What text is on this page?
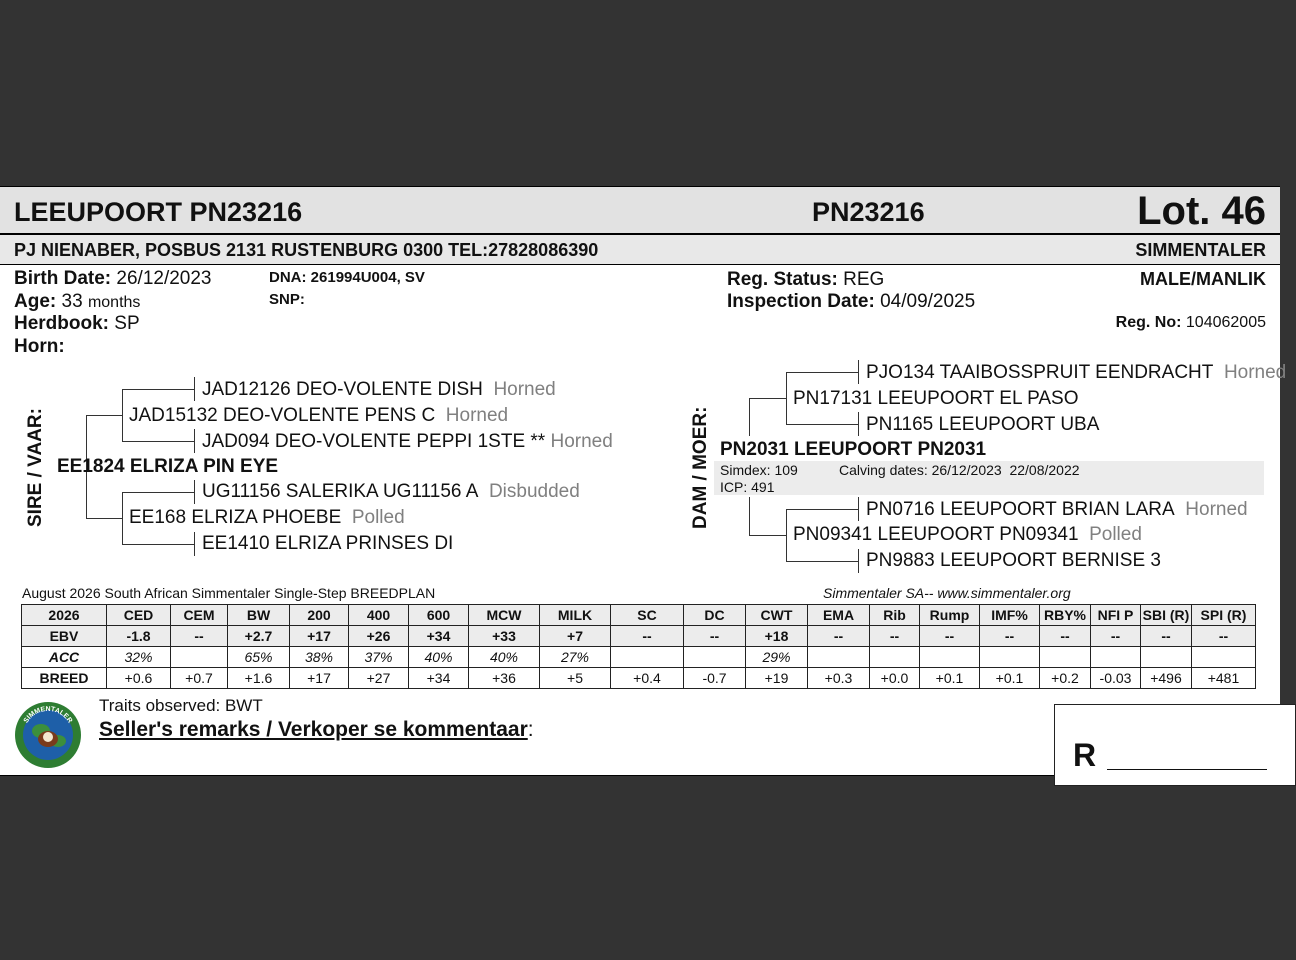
LEEUPOORT PN23216	PN23216	Lot. 46
PJ NIENABER, POSBUS 2131 RUSTENBURG 0300 TEL:27828086390	SIMMENTALER
Birth Date: 26/12/2023
Age: 33 months
Herdbook: SP
Horn:
DNA: 261994U004, SV
SNP:
Reg. Status: REG
Inspection Date: 04/09/2025
MALE/MANLIK
Reg. No: 104062005
SIRE / VAAR:
JAD12126 DEO-VOLENTE DISH Horned
JAD15132 DEO-VOLENTE PENS C Horned
JAD094 DEO-VOLENTE PEPPI 1STE ** Horned
EE1824 ELRIZA PIN EYE
UG11156 SALERIKA UG11156 A Disbudded
EE168 ELRIZA PHOEBE Polled
EE1410 ELRIZA PRINSES DI
DAM / MOER:
PJO134 TAAIBOSSPRUIT EENDRACHT Horned
PN17131 LEEUPOORT EL PASO
PN1165 LEEUPOORT UBA
PN2031 LEEUPOORT PN2031
Simdex: 109	Calving dates: 26/12/2023  22/08/2022
ICP: 491
PN0716 LEEUPOORT BRIAN LARA Horned
PN09341 LEEUPOORT PN09341 Polled
PN9883 LEEUPOORT BERNISE 3
August 2026 South African Simmentaler Single-Step BREEDPLAN	Simmentaler SA-- www.simmentaler.org
2026	CED	CEM	BW	200	400	600	MCW	MILK	SC	DC	CWT	EMA	Rib	Rump	IMF%	RBY%	NFI P	SBI (R)	SPI (R)
EBV	-1.8	--	+2.7	+17	+26	+34	+33	+7	--	--	+18	--	--	--	--	--	--	--	--
ACC	32%		65%	38%	37%	40%	40%	27%			29%								
BREED	+0.6	+0.7	+1.6	+17	+27	+34	+36	+5	+0.4	-0.7	+19	+0.3	+0.0	+0.1	+0.1	+0.2	-0.03	+496	+481
SIMMENTALER
Traits observed: BWT
Seller's remarks / Verkoper se kommentaar:
R
